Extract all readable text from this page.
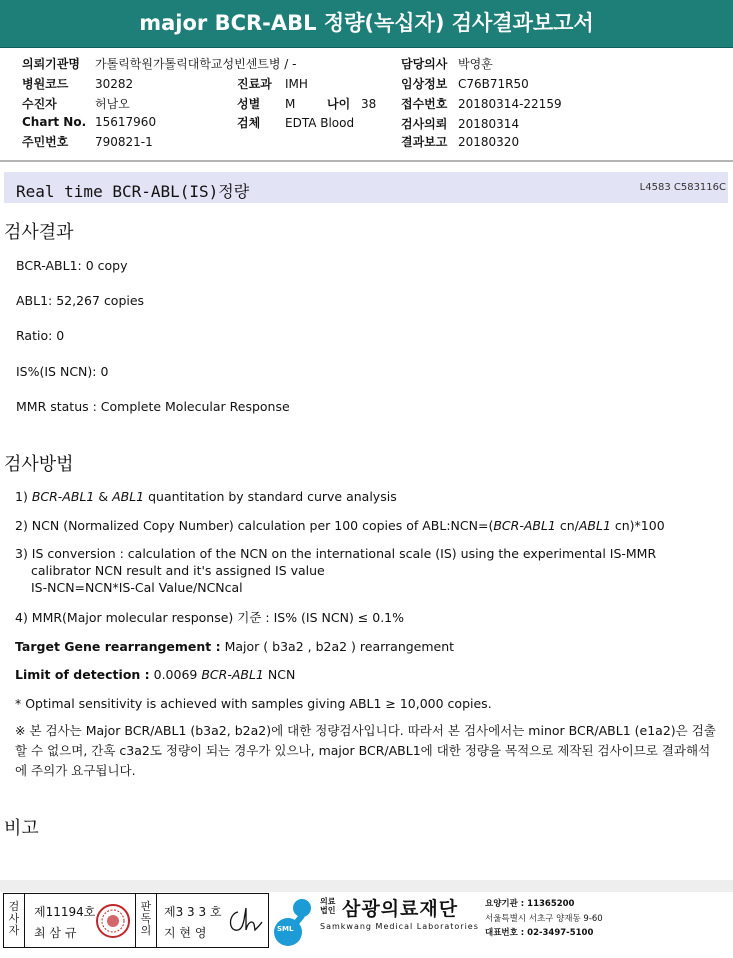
major BCR-ABL 정량(녹십자) 검사결과보고서
의뢰기관명 가톨릭학원가톨릭대학교성빈센트병 / -
병원코드 30282
수진자	허남오
Chart No. 15617960
주민번호 790821-1
진료과 IMH
성별 M	나이 38
검체 EDTA Blood
담당의사 박영훈
임상정보 C76B71R50
접수번호 20180314-22159
검사의뢰 20180314
결과보고 20180320
Real time BCR-ABL(IS)정량	L4583 C583116C
검사결과
BCR-ABL1: 0 copy
ABL1: 52,267 copies
Ratio: 0
IS%(IS NCN): 0
MMR status : Complete Molecular Response
검사방법
1) BCR-ABL1 & ABL1 quantitation by standard curve analysis
2) NCN (Normalized Copy Number) calculation per 100 copies of ABL:NCN=(BCR-ABL1 cn/ABL1 cn)*100
3) IS conversion : calculation of the NCN on the international scale (IS) using the experimental IS-MMR
calibrator NCN result and it's assigned IS value
IS-NCN=NCN*IS-Cal Value/NCNcal
4) MMR(Major molecular response) 기준 : IS% (IS NCN) ≤ 0.1%
Target Gene rearrangement : Major ( b3a2 , b2a2 ) rearrangement
Limit of detection : 0.0069 BCR-ABL1 NCN
* Optimal sensitivity is achieved with samples giving ABL1 ≥ 10,000 copies.
※ 본 검사는 Major BCR/ABL1 (b3a2, b2a2)에 대한 정량검사입니다. 따라서 본 검사에서는 minor BCR/ABL1 (e1a2)은 검출할 수 없으며, 간혹 c3a2도 정량이 되는 경우가 있으나, major BCR/ABL1에 대한 정량을 목적으로 제작된 검사이므로 결과해석에 주의가 요구됩니다.
비고
검
사
자
제11194호
최 삼 규
판
독
의
제3 3 3 호
지 현 영	SML
의료
법인 삼광의료재단
Samkwang Medical Laboratories
요양기관 : 11365200
서울특별시 서초구 양재동 9-60
대표번호 : 02-3497-5100
